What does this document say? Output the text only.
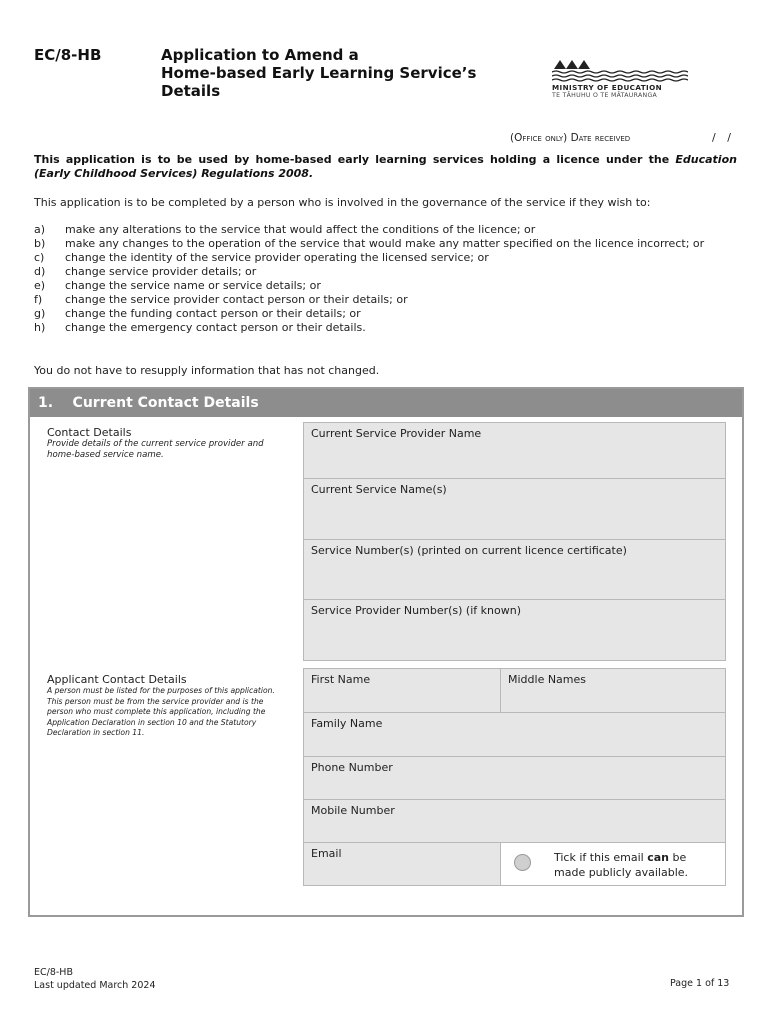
EC/8-HB	Application to Amend a
Home-based Early Learning Service’s
Details	MINISTRY OF EDUCATION
TE TĀHUHU O TE MĀTAURANGA
(Office only) Date received	/ /
This application is to be used by home-based early learning services holding a licence under the Education (Early Childhood Services) Regulations 2008.
This application is to be completed by a person who is involved in the governance of the service if they wish to:
a)	make any alterations to the service that would affect the conditions of the licence; or
b)	make any changes to the operation of the service that would make any matter specified on the licence incorrect; or
c)	change the identity of the service provider operating the licensed service; or
d)	change service provider details; or
e)	change the service name or service details; or
f)	change the service provider contact person or their details; or
g)	change the funding contact person or their details; or
h)	change the emergency contact person or their details.
You do not have to resupply information that has not changed.
1.    Current Contact Details
Contact Details
Provide details of the current service provider and home-based service name.
Current Service Provider Name
Current Service Name(s)
Service Number(s) (printed on current licence certificate)
Service Provider Number(s) (if known)
Applicant Contact Details
A person must be listed for the purposes of this application. This person must be from the service provider and is the person who must complete this application, including the Application Declaration in section 10 and the Statutory Declaration in section 11.
First Name	Middle Names
Family Name
Phone Number
Mobile Number
Email	Tick if this email can be made publicly available.
EC/8-HB
Last updated March 2024	Page 1 of 13
